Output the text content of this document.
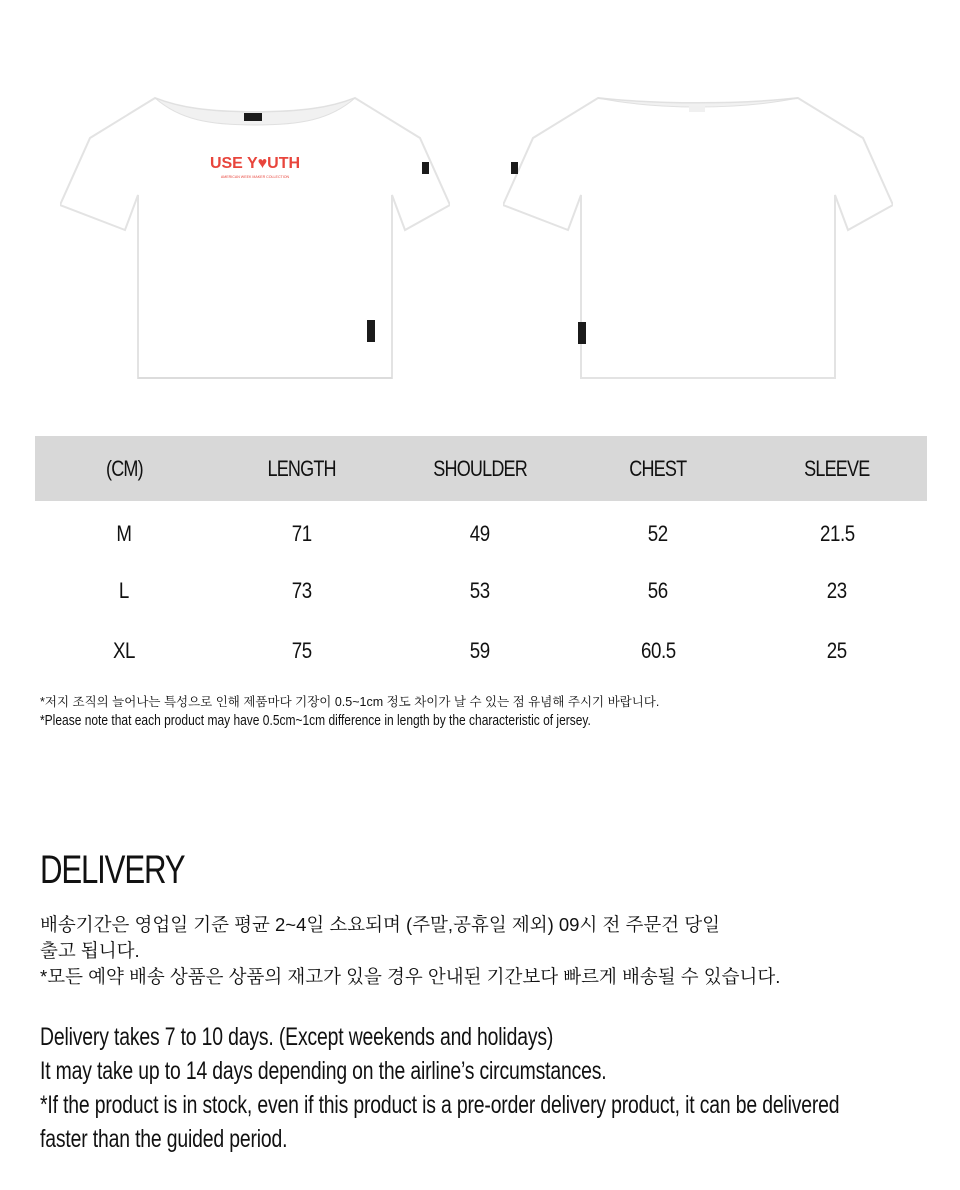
USE Y♥UTH
AMERICAN WEEK MAKER COLLECTION
(CM)	LENGTH	SHOULDER	CHEST	SLEEVE
M	71	49	52	21.5
L	73	53	56	23
XL	75	59	60.5	25

*저지 조직의 늘어나는 특성으로 인해 제품마다 기장이 0.5~1cm 정도 차이가 날 수 있는 점 유념해 주시기 바랍니다.

*Please note that each product may have 0.5cm~1cm difference in length by the characteristic of jersey.

DELIVERY

배송기간은 영업일 기준 평균 2~4일 소요되며 (주말,공휴일 제외) 09시 전 주문건 당일

출고 됩니다.

*모든 예약 배송 상품은 상품의 재고가 있을 경우 안내된 기간보다 빠르게 배송될 수 있습니다.

Delivery takes 7 to 10 days. (Except weekends and holidays)

It may take up to 14 days depending on the airline’s circumstances.

*If the product is in stock, even if this product is a pre-order delivery product, it can be delivered

faster than the guided period.
